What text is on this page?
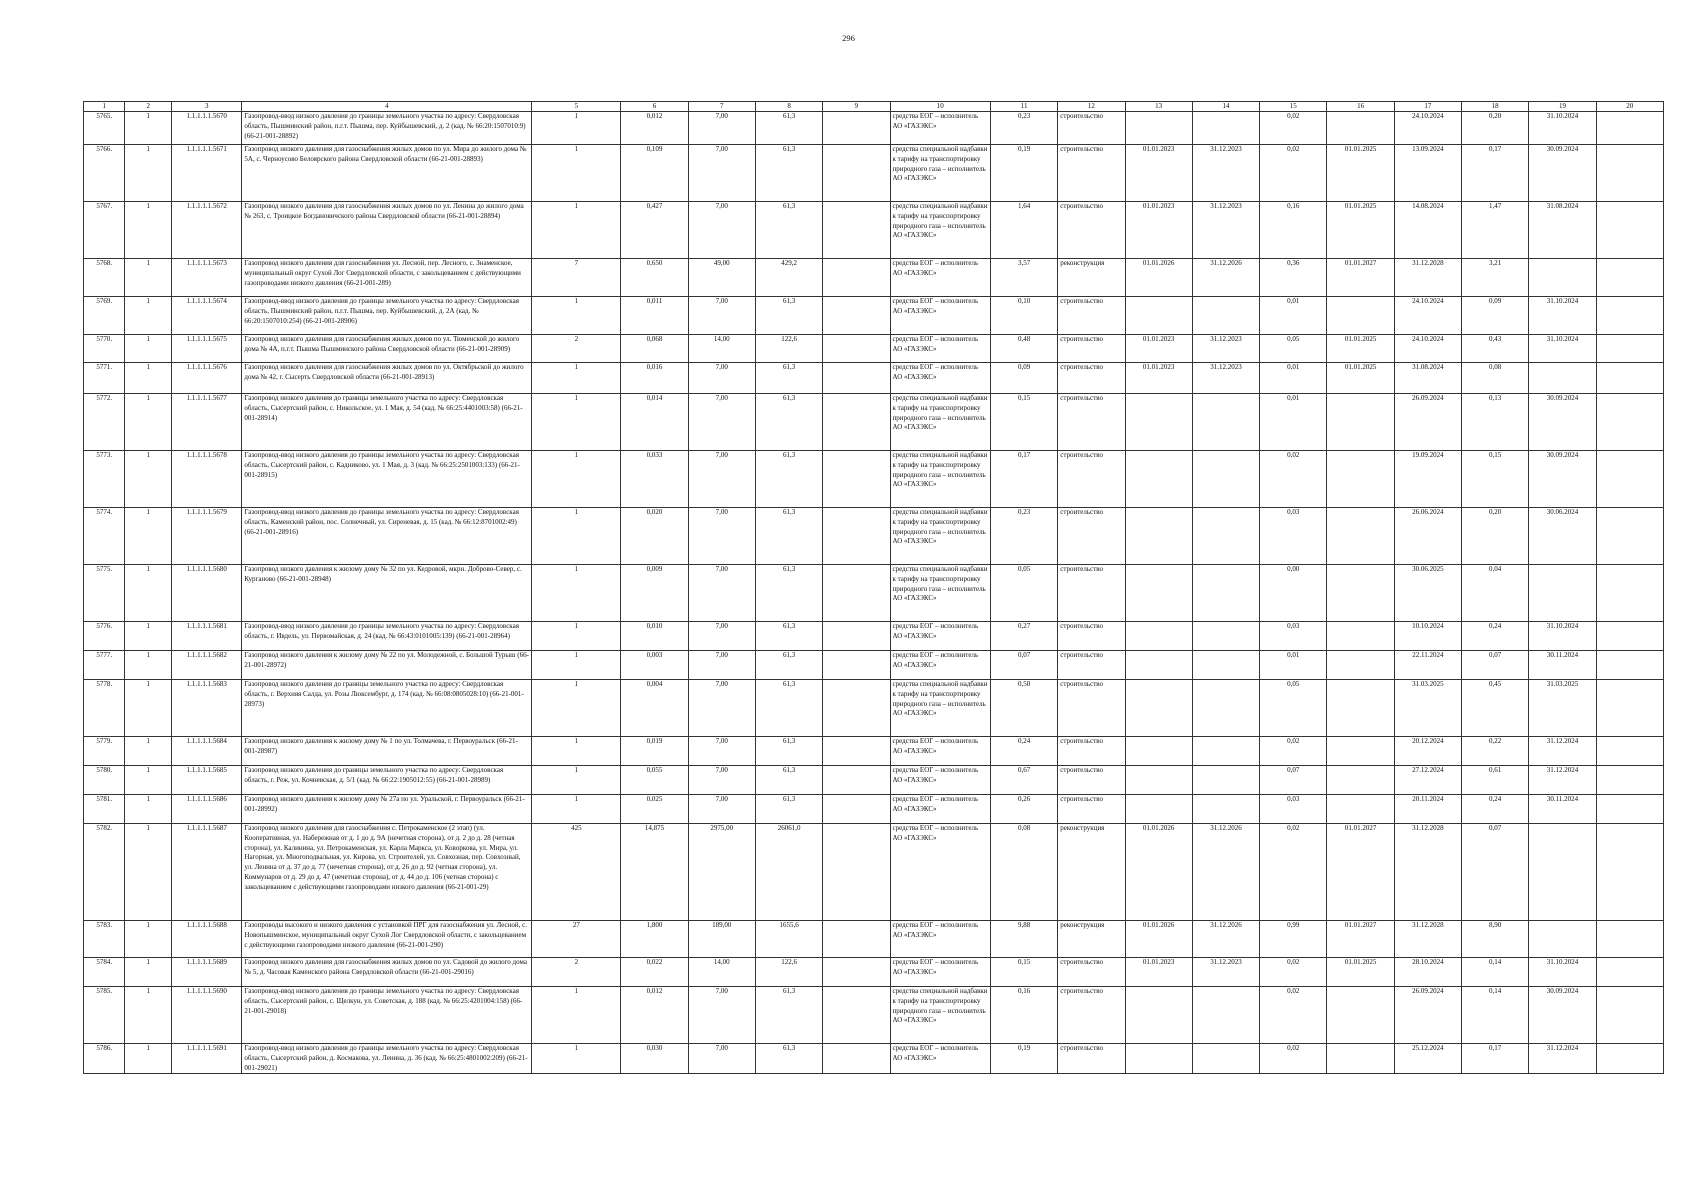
296
1	2	3	4	5	6	7	8	9	10	11	12	13	14	15	16	17	18	19	20
5765.	1	1.1.1.1.1.5670	Газопровод-ввод низкого давления до границы земельного участка по адресу: Свердловская область, Пышминский район, п.г.т. Пышма, пер. Куйбышевский, д. 2 (кад. № 66:20:1507010:9) (66-21-001-28892)	1	0,012	7,00	61,3		средства ЕОГ – исполнитель АО «ГАЗЭКС»	0,23	строительство			0,02		24.10.2024	0,20	31.10.2024	
5766.	1	1.1.1.1.1.5671	Газопровод низкого давления для газоснабжения жилых домов по ул. Мира до жилого дома № 5А, с. Черноусово Белоярского района Свердловской области (66-21-001-28893)	1	0,109	7,00	61,3		средства специальной надбавки к тарифу на транспортировку природного газа – исполнитель АО «ГАЗЭКС»	0,19	строительство	01.01.2023	31.12.2023	0,02	01.01.2025	13.09.2024	0,17	30.09.2024	
5767.	1	1.1.1.1.1.5672	Газопровод низкого давления для газоснабжения жилых домов по ул. Ленина до жилого дома № 263, с. Троицкое Богдановичского района Свердловской области (66-21-001-28894)	1	0,427	7,00	61,3		средства специальной надбавки к тарифу на транспортировку природного газа – исполнитель АО «ГАЗЭКС»	1,64	строительство	01.01.2023	31.12.2023	0,16	01.01.2025	14.08.2024	1,47	31.08.2024	
5768.	1	1.1.1.1.1.5673	Газопровод низкого давления для газоснабжения ул. Лесной, пер. Лесного, с. Знаменское, муниципальный округ Сухой Лог Свердловской области, с закольцеванием с действующими газопроводами низкого давления (66-21-001-289)	7	0,650	49,00	429,2		средства ЕОГ – исполнитель АО «ГАЗЭКС»	3,57	реконструкция	01.01.2026	31.12.2026	0,36	01.01.2027	31.12.2028	3,21		
5769.	1	1.1.1.1.1.5674	Газопровод-ввод низкого давления до границы земельного участка по адресу: Свердловская область, Пышминский район, п.г.т. Пышма, пер. Куйбышевский, д. 2А (кад. № 66:20:1507010:254) (66-21-001-28906)	1	0,011	7,00	61,3		средства ЕОГ – исполнитель АО «ГАЗЭКС»	0,10	строительство			0,01		24.10.2024	0,09	31.10.2024	
5770.	1	1.1.1.1.1.5675	Газопровод низкого давления для газоснабжения жилых домов по ул. Тюменской до жилого дома № 4А, п.г.т. Пышма Пышминского района Свердловской области (66-21-001-28909)	2	0,068	14,00	122,6		средства ЕОГ – исполнитель АО «ГАЗЭКС»	0,48	строительство	01.01.2023	31.12.2023	0,05	01.01.2025	24.10.2024	0,43	31.10.2024	
5771.	1	1.1.1.1.1.5676	Газопровод низкого давления для газоснабжения жилых домов по ул. Октябрьской до жилого дома № 42, г. Сысерть Свердловской области (66-21-001-28913)	1	0,016	7,00	61,3		средства ЕОГ – исполнитель АО «ГАЗЭКС»	0,09	строительство	01.01.2023	31.12.2023	0,01	01.01.2025	31.08.2024	0,08		
5772.	1	1.1.1.1.1.5677	Газопровод низкого давления до границы земельного участка по адресу: Свердловская область, Сысертский район, с. Никольское, ул. 1 Мая, д. 54 (кад. № 66:25:4401003:58) (66-21-001-28914)	1	0,014	7,00	61,3		средства специальной надбавки к тарифу на транспортировку природного газа – исполнитель АО «ГАЗЭКС»	0,15	строительство			0,01		26.09.2024	0,13	30.09.2024	
5773.	1	1.1.1.1.1.5678	Газопровод-ввод низкого давления до границы земельного участка по адресу: Свердловская область, Сысертский район, с. Кадниково, ул. 1 Мая, д. 3 (кад. № 66:25:2501003:133) (66-21-001-28915)	1	0,033	7,00	61,3		средства специальной надбавки к тарифу на транспортировку природного газа – исполнитель АО «ГАЗЭКС»	0,17	строительство			0,02		19.09.2024	0,15	30.09.2024	
5774.	1	1.1.1.1.1.5679	Газопровод-ввод низкого давления до границы земельного участка по адресу: Свердловская область, Каменский район, пос. Солнечный, ул. Сиреневая, д. 15 (кад. № 66:12:8701002:49) (66-21-001-28916)	1	0,020	7,00	61,3		средства специальной надбавки к тарифу на транспортировку природного газа – исполнитель АО «ГАЗЭКС»	0,23	строительство			0,03		26.06.2024	0,20	30.06.2024	
5775.	1	1.1.1.1.1.5680	Газопровод низкого давления к жилому дому № 32 по ул. Кедровой, мкрн. Доброво-Север, с. Курганово (66-21-001-28948)	1	0,009	7,00	61,3		средства специальной надбавки к тарифу на транспортировку природного газа – исполнитель АО «ГАЗЭКС»	0,05	строительство			0,00		30.06.2025	0,04		
5776.	1	1.1.1.1.1.5681	Газопровод-ввод низкого давления до границы земельного участка по адресу: Свердловская область, г. Ивдель, ул. Первомайская, д. 24 (кад. № 66:43:0101005:139) (66-21-001-28964)	1	0,010	7,00	61,3		средства ЕОГ – исполнитель АО «ГАЗЭКС»	0,27	строительство			0,03		10.10.2024	0,24	31.10.2024	
5777.	1	1.1.1.1.1.5682	Газопровод низкого давления к жилому дому № 22 по ул. Молодежной, с. Большой Турыш (66-21-001-28972)	1	0,003	7,00	61,3		средства ЕОГ – исполнитель АО «ГАЗЭКС»	0,07	строительство			0,01		22.11.2024	0,07	30.11.2024	
5778.	1	1.1.1.1.1.5683	Газопровод низкого давления до границы земельного участка по адресу: Свердловская область, г. Верхняя Салда, ул. Розы Люксембург, д. 174 (кад. № 66:08:0805028:10) (66-21-001-28973)	1	0,004	7,00	61,3		средства специальной надбавки к тарифу на транспортировку природного газа – исполнитель АО «ГАЗЭКС»	0,50	строительство			0,05		31.03.2025	0,45	31.03.2025	
5779.	1	1.1.1.1.1.5684	Газопровод низкого давления к жилому дому № 1 по ул. Толмачева, г. Первоуральск (66-21-001-28987)	1	0,019	7,00	61,3		средства ЕОГ – исполнитель АО «ГАЗЭКС»	0,24	строительство			0,02		20.12.2024	0,22	31.12.2024	
5780.	1	1.1.1.1.1.5685	Газопровод низкого давления до границы земельного участка по адресу: Свердловская область, г. Реж, ул. Кочневская, д. 5/1 (кад. № 66:22:1905012:55) (66-21-001-28989)	1	0,055	7,00	61,3		средства ЕОГ – исполнитель АО «ГАЗЭКС»	0,67	строительство			0,07		27.12.2024	0,61	31.12.2024	
5781.	1	1.1.1.1.1.5686	Газопровод низкого давления к жилому дому № 27а по ул. Уральской, г. Первоуральск (66-21-001-28992)	1	0,025	7,00	61,3		средства ЕОГ – исполнитель АО «ГАЗЭКС»	0,26	строительство			0,03		20.11.2024	0,24	30.11.2024	
5782.	1	1.1.1.1.1.5687	Газопровод низкого давления для газоснабжения с. Петрокаменское (2 этап) (ул. Кооперативная, ул. Набережная от д. 1 до д. 9А (нечетная сторона), от д. 2 до д. 28 (четная сторона), ул. Калинина, ул. Петрокаменская, ул. Карла Маркса, ул. Коворкова, ул. Мира, ул. Нагорная, ул. Многоподвальная, ул. Кирова, ул. Строителей, ул. Совхозная, пер. Совхозный, ул. Ленина от д. 37 до д. 77 (нечетная сторона), от д. 26 до д. 92 (четная сторона), ул. Коммунаров от д. 29 до д. 47 (нечетная сторона), от д. 44 до д. 106 (четная сторона) с закольцеванием с действующими газопроводами низкого давления (66-21-001-29)	425	14,875	2975,00	26061,0		средства ЕОГ – исполнитель АО «ГАЗЭКС»	0,08	реконструкция	01.01.2026	31.12.2026	0,02	01.01.2027	31.12.2028	0,07		
5783.	1	1.1.1.1.1.5688	Газопроводы высокого и низкого давления с установкой ПРГ для газоснабжения ул. Лесной, с. Новопышминское, муниципальный округ Сухой Лог Свердловской области, с закольцеванием с действующими газопроводами низкого давления (66-21-001-290)	27	1,800	189,00	1655,6		средства ЕОГ – исполнитель АО «ГАЗЭКС»	9,88	реконструкция	01.01.2026	31.12.2026	0,99	01.01.2027	31.12.2028	8,90		
5784.	1	1.1.1.1.1.5689	Газопровод низкого давления для газоснабжения жилых домов по ул. Садовой до жилого дома № 5, д. Часовая Каменского района Свердловской области (66-21-001-29016)	2	0,022	14,00	122,6		средства ЕОГ – исполнитель АО «ГАЗЭКС»	0,15	строительство	01.01.2023	31.12.2023	0,02	01.01.2025	28.10.2024	0,14	31.10.2024	
5785.	1	1.1.1.1.1.5690	Газопровод-ввод низкого давления до границы земельного участка по адресу: Свердловская область, Сысертский район, с. Щелкун, ул. Советская, д. 188 (кад. № 66:25:4201004:158) (66-21-001-29018)	1	0,012	7,00	61,3		средства специальной надбавки к тарифу на транспортировку природного газа – исполнитель АО «ГАЗЭКС»	0,16	строительство			0,02		26.09.2024	0,14	30.09.2024	
5786.	1	1.1.1.1.1.5691	Газопровод-ввод низкого давления до границы земельного участка по адресу: Свердловская область, Сысертский район, д. Космакова, ул. Ленина, д. 36 (кад. № 66:25:4801002:209) (66-21-001-29021)	1	0,030	7,00	61,3		средства ЕОГ – исполнитель АО «ГАЗЭКС»	0,19	строительство			0,02		25.12.2024	0,17	31.12.2024	
